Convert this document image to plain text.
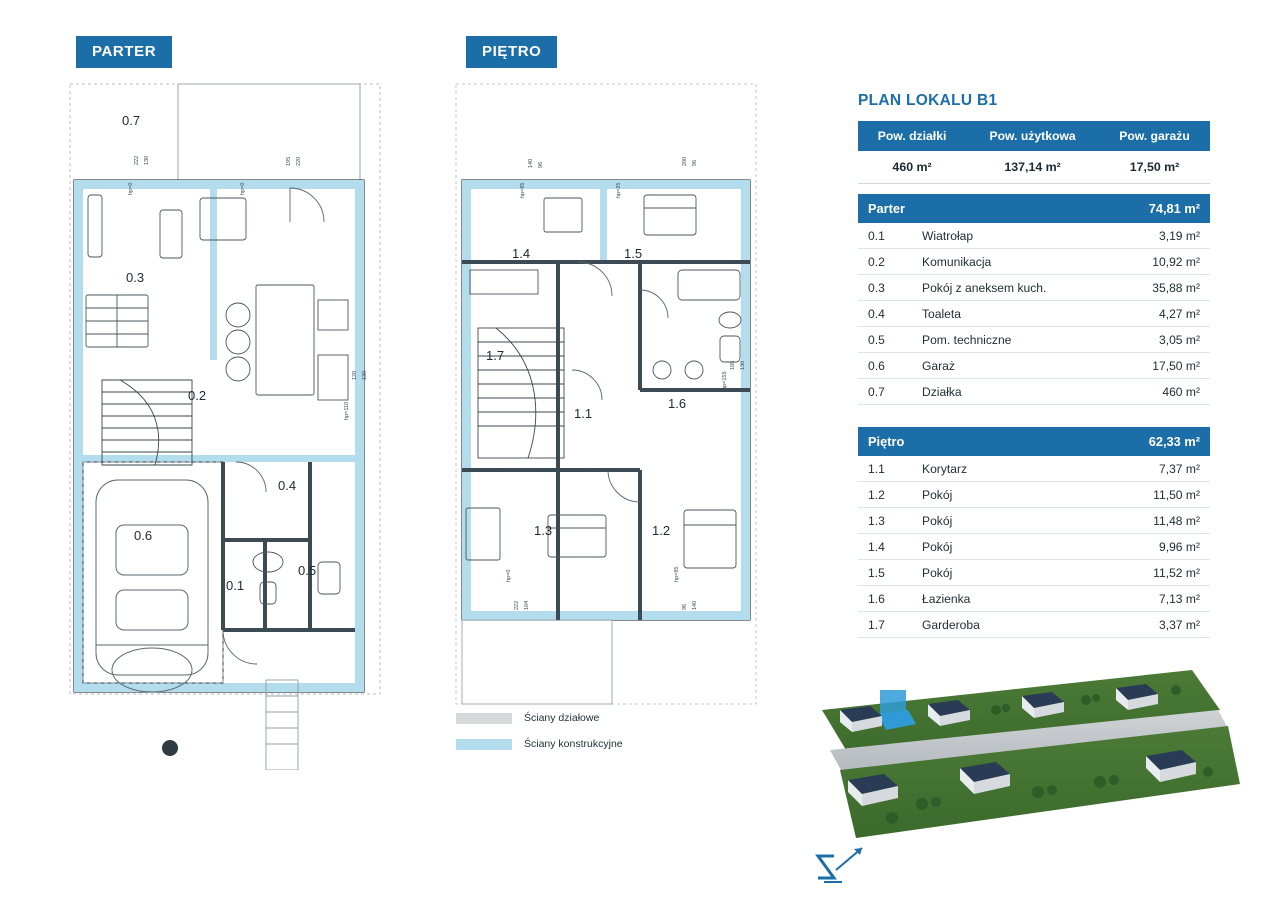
PARTER
0.7
0.3
0.2
0.4
0.6
0.1
0.5
222 130
hp=0	hp=0
195 220
120 130
hp=110
PIĘTRO
1.4	1.5
1.7
1.1
1.6
1.3	1.2
140 96	200 96
hp=85	hp=25
105 130
hp=155
222 104
hp=0
96 140
hp=85
Ściany działowe
Ściany konstrukcyjne
PLAN LOKALU B1
Pow. działki	Pow. użytkowa	Pow. garażu
460 m²	137,14 m²	17,50 m²
Parter		74,81 m²
0.1	Wiatrołap	3,19 m²
0.2	Komunikacja	10,92 m²
0.3	Pokój z aneksem kuch.	35,88 m²
0.4	Toaleta	4,27 m²
0.5	Pom. techniczne	3,05 m²
0.6	Garaż	17,50 m²
0.7	Działka	460 m²
Piętro		62,33 m²
1.1	Korytarz	7,37 m²
1.2	Pokój	11,50 m²
1.3	Pokój	11,48 m²
1.4	Pokój	9,96 m²
1.5	Pokój	11,52 m²
1.6	Łazienka	7,13 m²
1.7	Garderoba	3,37 m²
